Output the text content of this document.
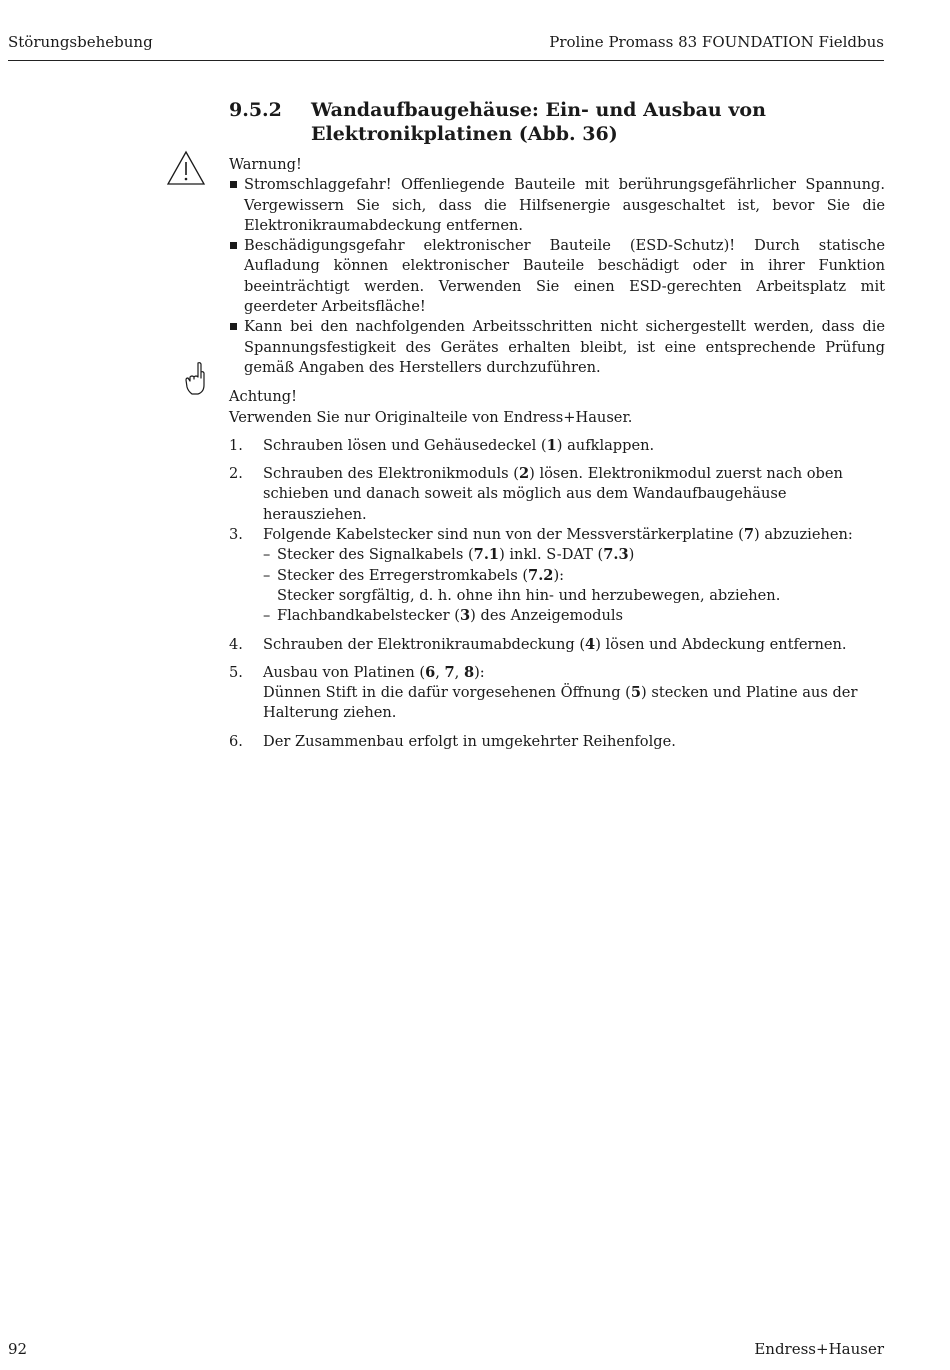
Störungsbehebung	Proline Promass 83 FOUNDATION Fieldbus
9.5.2 Wandaufbaugehäuse: Ein- und Ausbau von Elektronikplatinen (Abb. 36)

Warnung!

Stromschlaggefahr! Offenliegende Bauteile mit berührungsgefährlicher Spannung. Vergewissern Sie sich, dass die Hilfsenergie ausgeschaltet ist, bevor Sie die Elektronikraumabdeckung entfernen.
Beschädigungsgefahr elektronischer Bauteile (ESD-Schutz)! Durch statische Aufladung können elektronischer Bauteile beschädigt oder in ihrer Funktion beeinträchtigt werden. Verwenden Sie einen ESD-gerechten Arbeitsplatz mit geerdeter Arbeitsfläche!
Kann bei den nachfolgenden Arbeitsschritten nicht sichergestellt werden, dass die Spannungsfestigkeit des Gerätes erhalten bleibt, ist eine entsprechende Prüfung gemäß Angaben des Herstellers durchzuführen.
Achtung!
Verwenden Sie nur Originalteile von Endress+Hauser.
1. Schrauben lösen und Gehäusedeckel (1) aufklappen.
2. Schrauben des Elektronikmoduls (2) lösen. Elektronikmodul zuerst nach oben schieben und danach soweit als möglich aus dem Wandaufbaugehäuse herausziehen.
3. Folgende Kabelstecker sind nun von der Messverstärkerplatine (7) abzuziehen:
– Stecker des Signalkabels (7.1) inkl. S-DAT (7.3)
– Stecker des Erregerstromkabels (7.2):
Stecker sorgfältig, d. h. ohne ihn hin- und herzubewegen, abziehen.
– Flachbandkabelstecker (3) des Anzeigemoduls
4. Schrauben der Elektronikraumabdeckung (4) lösen und Abdeckung entfernen.
5. Ausbau von Platinen (6, 7, 8):
Dünnen Stift in die dafür vorgesehenen Öffnung (5) stecken und Platine aus der Halterung ziehen.
6. Der Zusammenbau erfolgt in umgekehrter Reihenfolge.
92	Endress+Hauser
